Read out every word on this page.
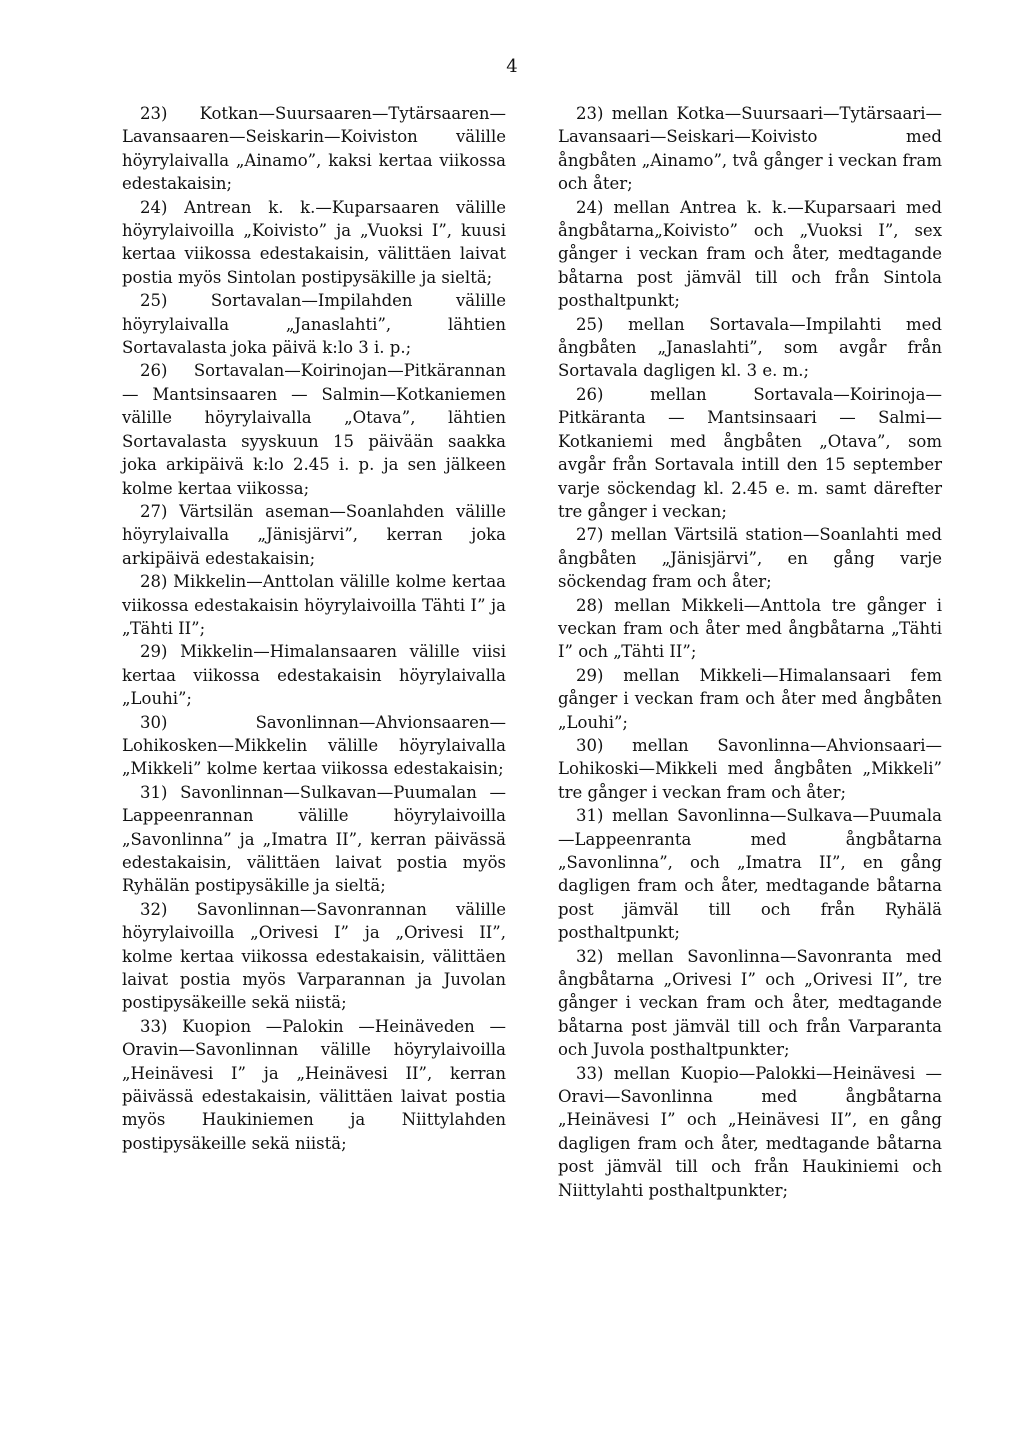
4

23) Kotkan—Suursaaren—Tytärsaaren—Lavansaaren—Seiskarin—Koiviston välille höyrylaivalla „Ainamo”, kaksi kertaa viikossa edestakaisin;

24) Antrean k. k.—Kuparsaaren välille höyrylaivoilla „Koivisto” ja „Vuoksi I”, kuusi kertaa viikossa edestakaisin, välittäen laivat postia myös Sintolan postipysäkille ja sieltä;

25) Sortavalan—Impilahden välille höyrylaivalla „Janaslahti”, lähtien Sortavalasta joka päivä k:lo 3 i. p.;

26) Sortavalan—Koirinojan—Pitkärannan — Mantsinsaaren — Salmin—Kotkaniemen välille höyrylaivalla „Otava”, lähtien Sortavalasta syyskuun 15 päivään saakka joka arkipäivä k:lo 2.45 i. p. ja sen jälkeen kolme kertaa viikossa;

27) Värtsilän aseman—Soanlahden välille höyrylaivalla „Jänisjärvi”, kerran joka arkipäivä edestakaisin;

28) Mikkelin—Anttolan välille kolme kertaa viikossa edestakaisin höyrylaivoilla Tähti I” ja „Tähti II”;

29) Mikkelin—Himalansaaren välille viisi kertaa viikossa edestakaisin höyrylaivalla „Louhi”;

30) Savonlinnan—Ahvionsaaren—Lohikosken—Mikkelin välille höyrylaivalla „Mikkeli” kolme kertaa viikossa edestakaisin;

31) Savonlinnan—Sulkavan—Puumalan —Lappeenrannan välille höyrylaivoilla „Savonlinna” ja „Imatra II”, kerran päivässä edestakaisin, välittäen laivat postia myös Ryhälän postipysäkille ja sieltä;

32) Savonlinnan—Savonrannan välille höyrylaivoilla „Orivesi I” ja „Orivesi II”, kolme kertaa viikossa edestakaisin, välittäen laivat postia myös Varparannan ja Juvolan postipysäkeille sekä niistä;

33) Kuopion —Palokin —Heinäveden — Oravin—Savonlinnan välille höyrylaivoilla „Heinävesi I” ja „Heinävesi II”, kerran päivässä edestakaisin, välittäen laivat postia myös Haukiniemen ja Niittylahden postipysäkeille sekä niistä;

23) mellan Kotka—Suursaari—Tytärsaari—Lavansaari—Seiskari—Koivisto med ångbåten „Ainamo”, två gånger i veckan fram och åter;

24) mellan Antrea k. k.—Kuparsaari med ångbåtarna„Koivisto” och „Vuoksi I”, sex gånger i veckan fram och åter, medtagande båtarna post jämväl till och från Sintola posthaltpunkt;

25) mellan Sortavala—Impilahti med ångbåten „Janaslahti”, som avgår från Sortavala dagligen kl. 3 e. m.;

26) mellan Sortavala—Koirinoja—Pitkäranta — Mantsinsaari — Salmi—Kotkaniemi med ångbåten „Otava”, som avgår från Sortavala intill den 15 september varje söckendag kl. 2.45 e. m. samt därefter tre gånger i veckan;

27) mellan Värtsilä station—Soanlahti med ångbåten „Jänisjärvi”, en gång varje söckendag fram och åter;

28) mellan Mikkeli—Anttola tre gånger i veckan fram och åter med ångbåtarna „Tähti I” och „Tähti II”;

29) mellan Mikkeli—Himalansaari fem gånger i veckan fram och åter med ångbåten „Louhi”;

30) mellan Savonlinna—Ahvionsaari—Lohikoski—Mikkeli med ångbåten „Mikkeli” tre gånger i veckan fram och åter;

31) mellan Savonlinna—Sulkava—Puumala—Lappeenranta med ångbåtarna „Savonlinna”, och „Imatra II”, en gång dagligen fram och åter, medtagande båtarna post jämväl till och från Ryhälä posthaltpunkt;

32) mellan Savonlinna—Savonranta med ångbåtarna „Orivesi I” och „Orivesi II”, tre gånger i veckan fram och åter, medtagande båtarna post jämväl till och från Varparanta och Juvola posthaltpunkter;

33) mellan Kuopio—Palokki—Heinävesi —Oravi—Savonlinna med ångbåtarna „Heinävesi I” och „Heinävesi II”, en gång dagligen fram och åter, medtagande båtarna post jämväl till och från Haukiniemi och Niittylahti posthaltpunkter;
